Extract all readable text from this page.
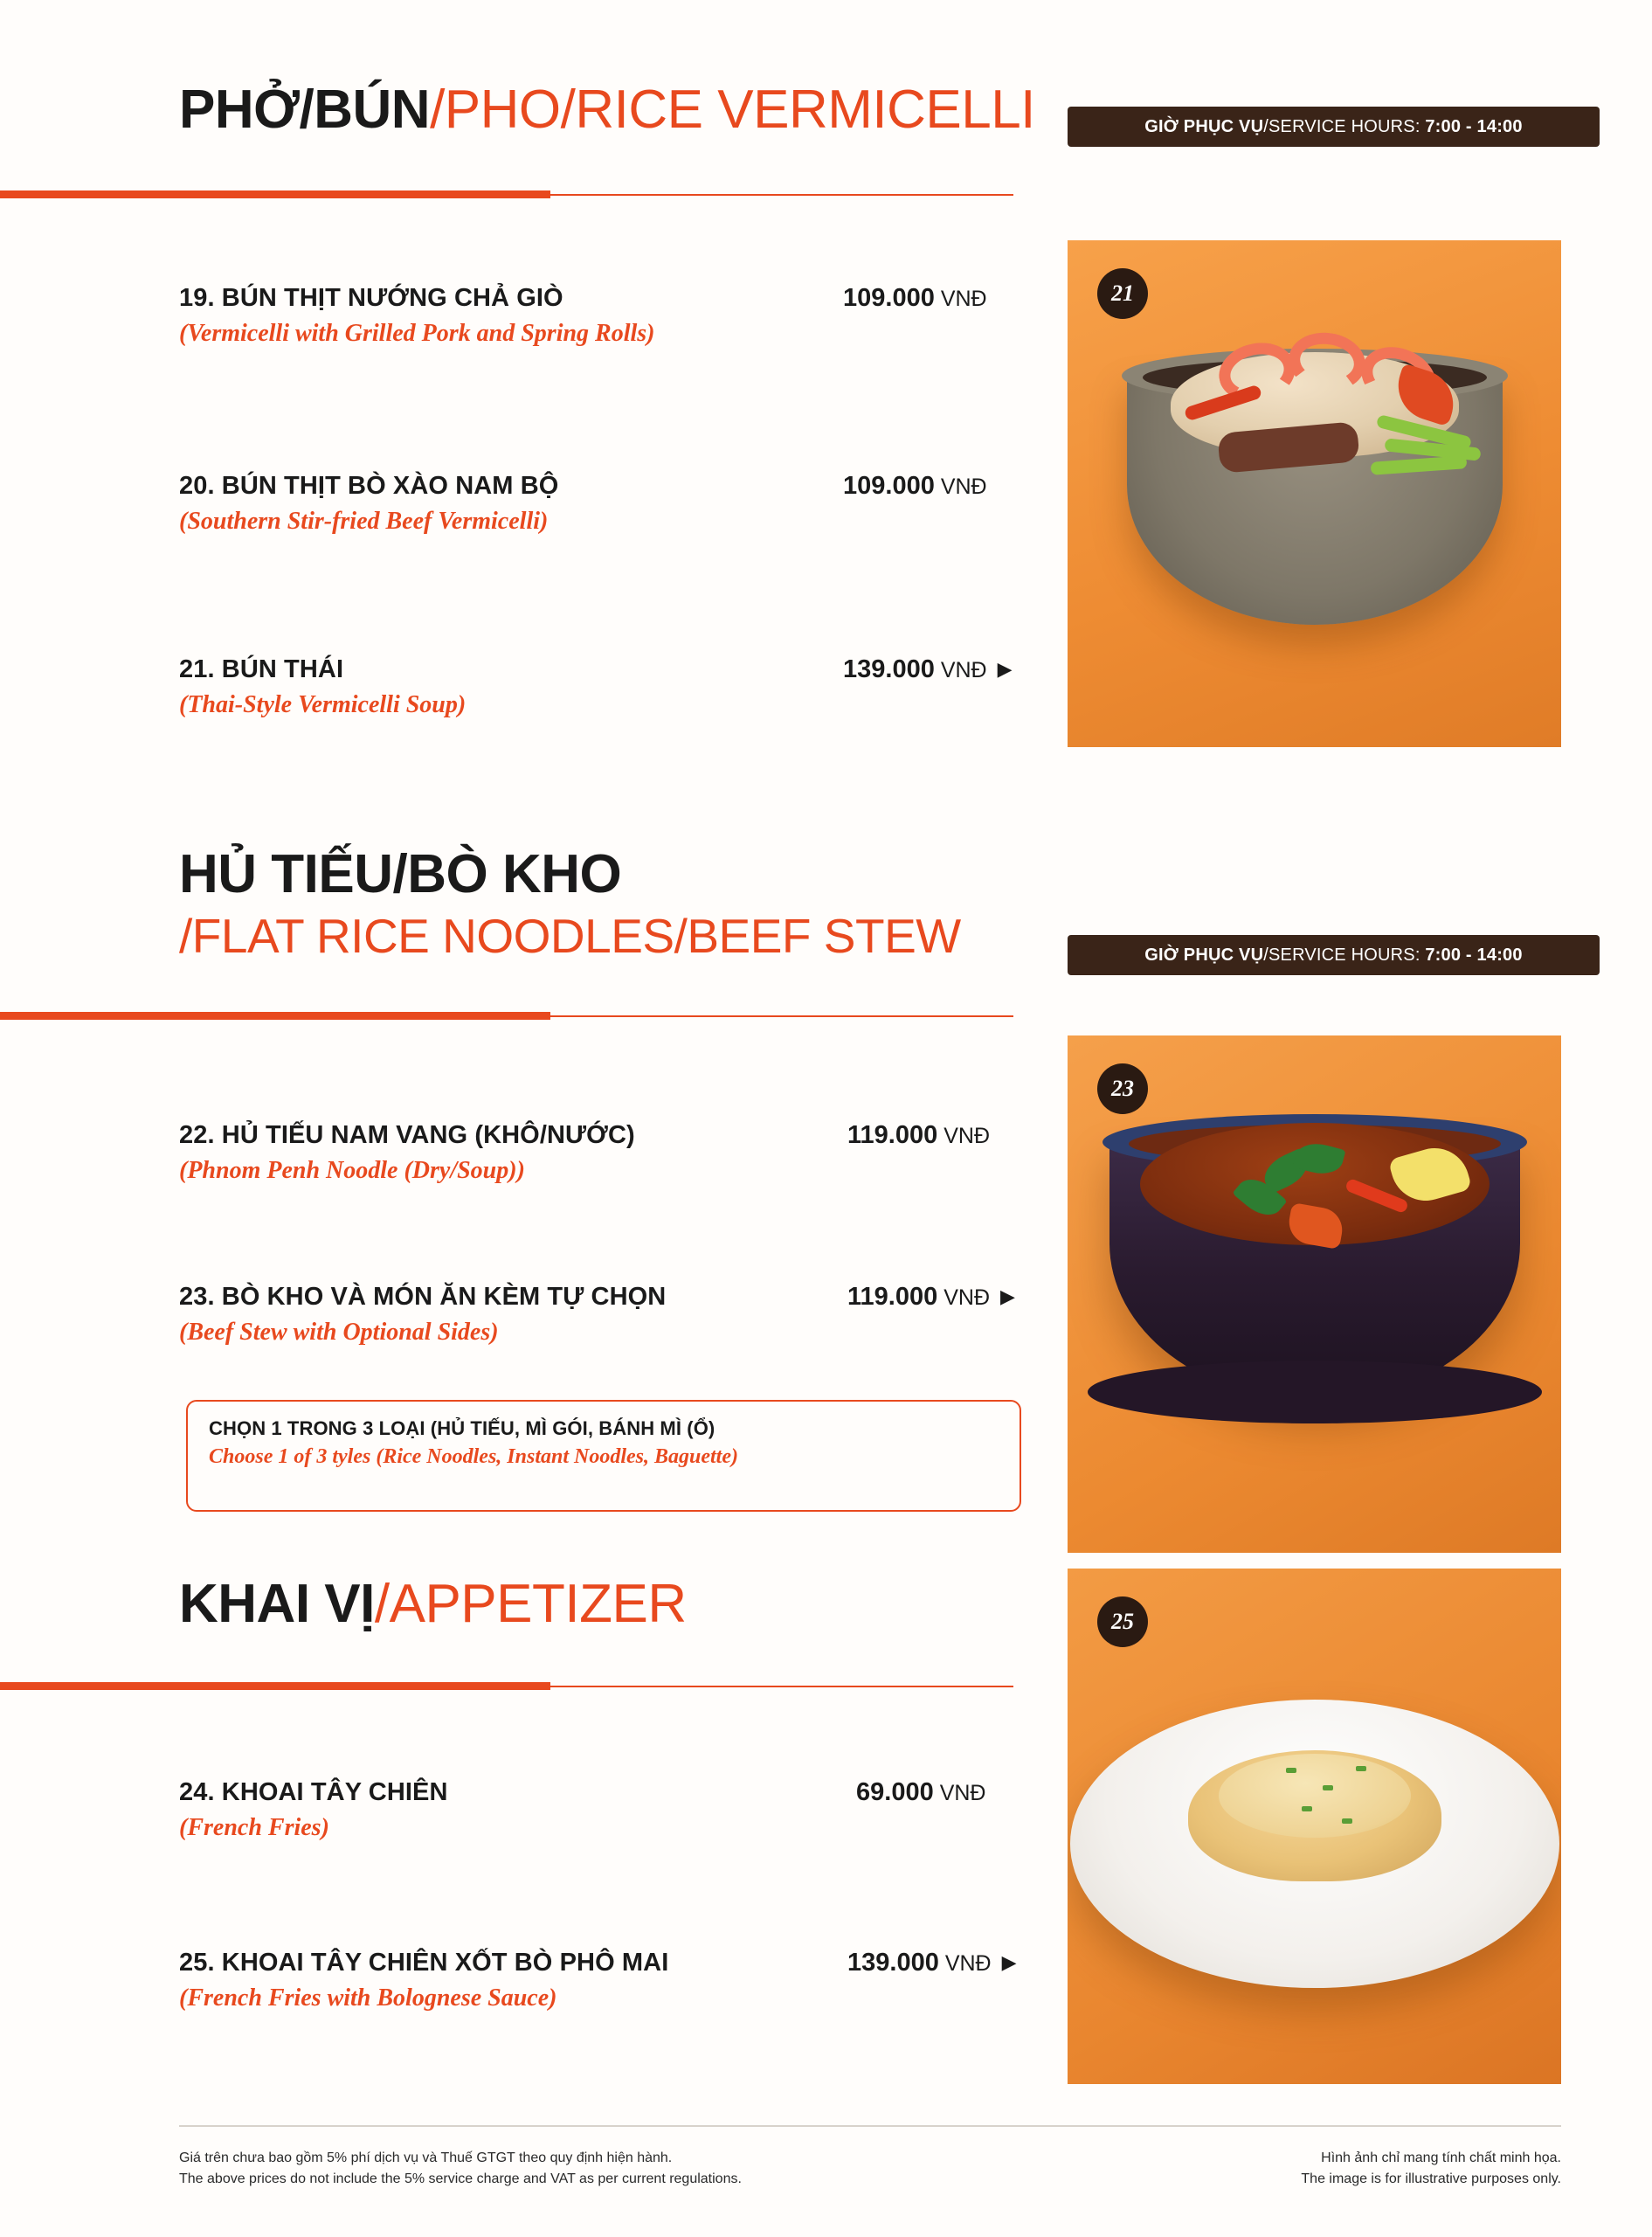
PHỞ/BÚN/PHO/RICE VERMICELLI	GIỜ PHỤC VỤ/SERVICE HOURS: 7:00 - 14:00
19. BÚN THỊT NƯỚNG CHẢ GIÒ	109.000 VNĐ
(Vermicelli with Grilled Pork and Spring Rolls)
20. BÚN THỊT BÒ XÀO NAM BỘ	109.000 VNĐ
(Southern Stir-fried Beef Vermicelli)
21. BÚN THÁI	139.000 VNĐ ▶
(Thai-Style Vermicelli Soup)
21
HỦ TIẾU/BÒ KHO
/FLAT RICE NOODLES/BEEF STEW	GIỜ PHỤC VỤ/SERVICE HOURS: 7:00 - 14:00
22. HỦ TIẾU NAM VANG (KHÔ/NƯỚC)	119.000 VNĐ
(Phnom Penh Noodle (Dry/Soup))
23. BÒ KHO VÀ MÓN ĂN KÈM TỰ CHỌN	119.000 VNĐ ▶
(Beef Stew with Optional Sides)
CHỌN 1 TRONG 3 LOẠI (HỦ TIẾU, MÌ GÓI, BÁNH MÌ (Ổ)
Choose 1 of 3 tyles (Rice Noodles, Instant Noodles, Baguette)
23
KHAI VỊ/APPETIZER
24. KHOAI TÂY CHIÊN	69.000 VNĐ
(French Fries)
25. KHOAI TÂY CHIÊN XỐT BÒ PHÔ MAI	139.000 VNĐ ▶
(French Fries with Bolognese Sauce)
25
Giá trên chưa bao gồm 5% phí dịch vụ và Thuế GTGT theo quy định hiện hành.
The above prices do not include the 5% service charge and VAT as per current regulations.
Hình ảnh chỉ mang tính chất minh họa.
The image is for illustrative purposes only.
